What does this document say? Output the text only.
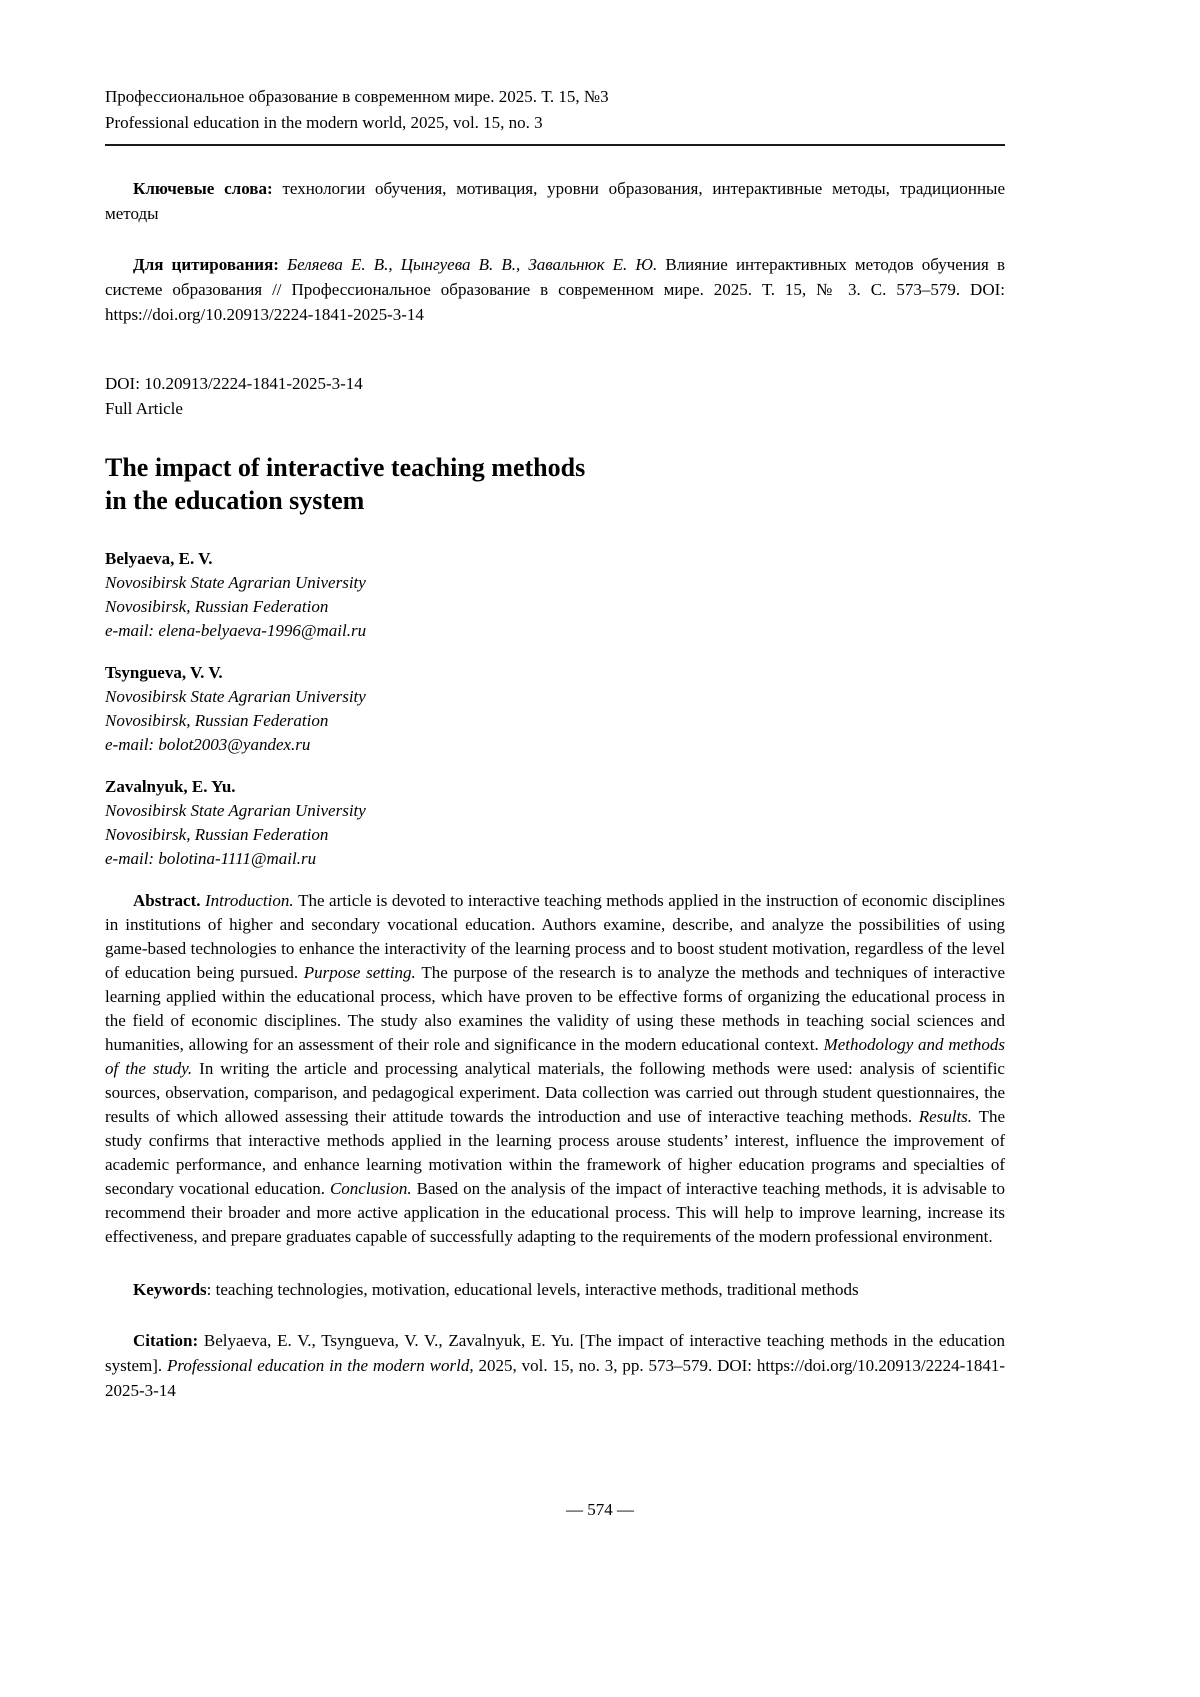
Профессиональное образование в современном мире. 2025. Т. 15, №3
Professional education in the modern world, 2025, vol. 15, no. 3

Ключевые слова: технологии обучения, мотивация, уровни образования, интерактивные методы, традиционные методы

Для цитирования: Беляева Е. В., Цынгуева В. В., Завальнюк Е. Ю. Влияние интерактивных методов обучения в системе образования // Профессиональное образование в современном мире. 2025. Т. 15, № 3. С. 573–579. DOI: https://doi.org/10.20913/2224-1841-2025-3-14

DOI: 10.20913/2224-1841-2025-3-14
Full Article
The impact of interactive teaching methods
in the education system
Belyaeva, E. V.
Novosibirsk State Agrarian University
Novosibirsk, Russian Federation
e-mail: elena-belyaeva-1996@mail.ru
Tsyngueva, V. V.
Novosibirsk State Agrarian University
Novosibirsk, Russian Federation
e-mail: bolot2003@yandex.ru
Zavalnyuk, E. Yu.
Novosibirsk State Agrarian University
Novosibirsk, Russian Federation
e-mail: bolotina-1111@mail.ru

Abstract. Introduction. The article is devoted to interactive teaching methods applied in the instruction of economic disciplines in institutions of higher and secondary vocational education. Authors examine, describe, and analyze the possibilities of using game-based technologies to enhance the interactivity of the learning process and to boost student motivation, regardless of the level of education being pursued. Purpose setting. The purpose of the research is to analyze the methods and techniques of interactive learning applied within the educational process, which have proven to be effective forms of organizing the educational process in the field of economic disciplines. The study also examines the validity of using these methods in teaching social sciences and humanities, allowing for an assessment of their role and significance in the modern educational context. Methodology and methods of the study. In writing the article and processing analytical materials, the following methods were used: analysis of scientific sources, observation, comparison, and pedagogical experiment. Data collection was carried out through student questionnaires, the results of which allowed assessing their attitude towards the introduction and use of interactive teaching methods. Results. The study confirms that interactive methods applied in the learning process arouse students’ interest, influence the improvement of academic performance, and enhance learning motivation within the framework of higher education programs and specialties of secondary vocational education. Conclusion. Based on the analysis of the impact of interactive teaching methods, it is advisable to recommend their broader and more active application in the educational process. This will help to improve learning, increase its effectiveness, and prepare graduates capable of successfully adapting to the requirements of the modern professional environment.

Keywords: teaching technologies, motivation, educational levels, interactive methods, traditional methods

Citation: Belyaeva, E. V., Tsyngueva, V. V., Zavalnyuk, E. Yu. [The impact of interactive teaching methods in the education system]. Professional education in the modern world, 2025, vol. 15, no. 3, pp. 573–579. DOI: https://doi.org/10.20913/2224-1841-2025-3-14

— 574 —
